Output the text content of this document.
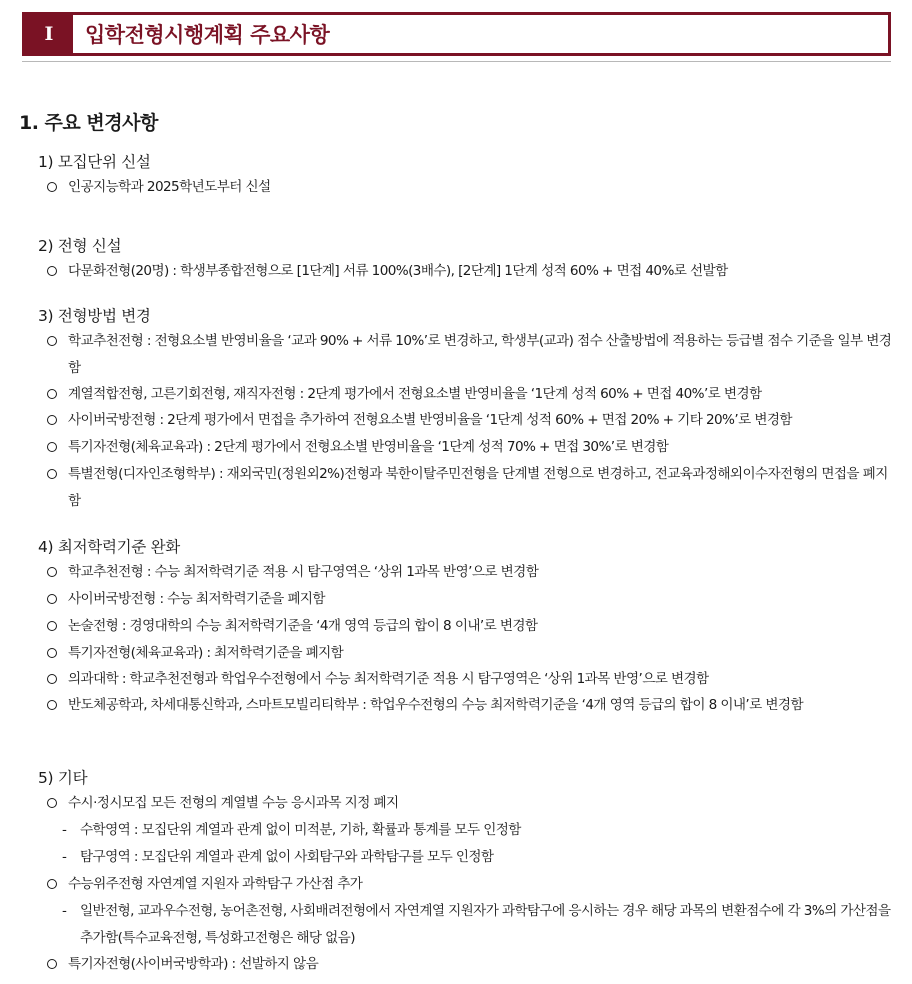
I	입학전형시행계획 주요사항
1. 주요 변경사항
1) 모집단위 신설
인공지능학과 2025학년도부터 신설
2) 전형 신설
다문화전형(20명) : 학생부종합전형으로 [1단계] 서류 100%(3배수), [2단계] 1단계 성적 60% + 면접 40%로 선발함
3) 전형방법 변경
학교추천전형 : 전형요소별 반영비율을 ‘교과 90% + 서류 10%’로 변경하고, 학생부(교과) 점수 산출방법에 적용하는 등급별 점수 기준을 일부 변경함
계열적합전형, 고른기회전형, 재직자전형 : 2단계 평가에서 전형요소별 반영비율을 ‘1단계 성적 60% + 면접 40%’로 변경함
사이버국방전형 : 2단계 평가에서 면접을 추가하여 전형요소별 반영비율을 ‘1단계 성적 60% + 면접 20% + 기타 20%’로 변경함
특기자전형(체육교육과) : 2단계 평가에서 전형요소별 반영비율을 ‘1단계 성적 70% + 면접 30%’로 변경함
특별전형(디자인조형학부) : 재외국민(정원외2%)전형과 북한이탈주민전형을 단계별 전형으로 변경하고, 전교육과정해외이수자전형의 면접을 폐지함
4) 최저학력기준 완화
학교추천전형 : 수능 최저학력기준 적용 시 탐구영역은 ‘상위 1과목 반영’으로 변경함
사이버국방전형 : 수능 최저학력기준을 폐지함
논술전형 : 경영대학의 수능 최저학력기준을 ‘4개 영역 등급의 합이 8 이내’로 변경함
특기자전형(체육교육과) : 최저학력기준을 폐지함
의과대학 : 학교추천전형과 학업우수전형에서 수능 최저학력기준 적용 시 탐구영역은 ‘상위 1과목 반영’으로 변경함
반도체공학과, 차세대통신학과, 스마트모빌리티학부 : 학업우수전형의 수능 최저학력기준을 ‘4개 영역 등급의 합이 8 이내’로 변경함
5) 기타
수시·정시모집 모든 전형의 계열별 수능 응시과목 지정 폐지
- 수학영역 : 모집단위 계열과 관계 없이 미적분, 기하, 확률과 통계를 모두 인정함
- 탐구영역 : 모집단위 계열과 관계 없이 사회탐구와 과학탐구를 모두 인정함
수능위주전형 자연계열 지원자 과학탐구 가산점 추가
- 일반전형, 교과우수전형, 농어촌전형, 사회배려전형에서 자연계열 지원자가 과학탐구에 응시하는 경우 해당 과목의 변환점수에 각 3%의 가산점을 추가함(특수교육전형, 특성화고전형은 해당 없음)
특기자전형(사이버국방학과) : 선발하지 않음
